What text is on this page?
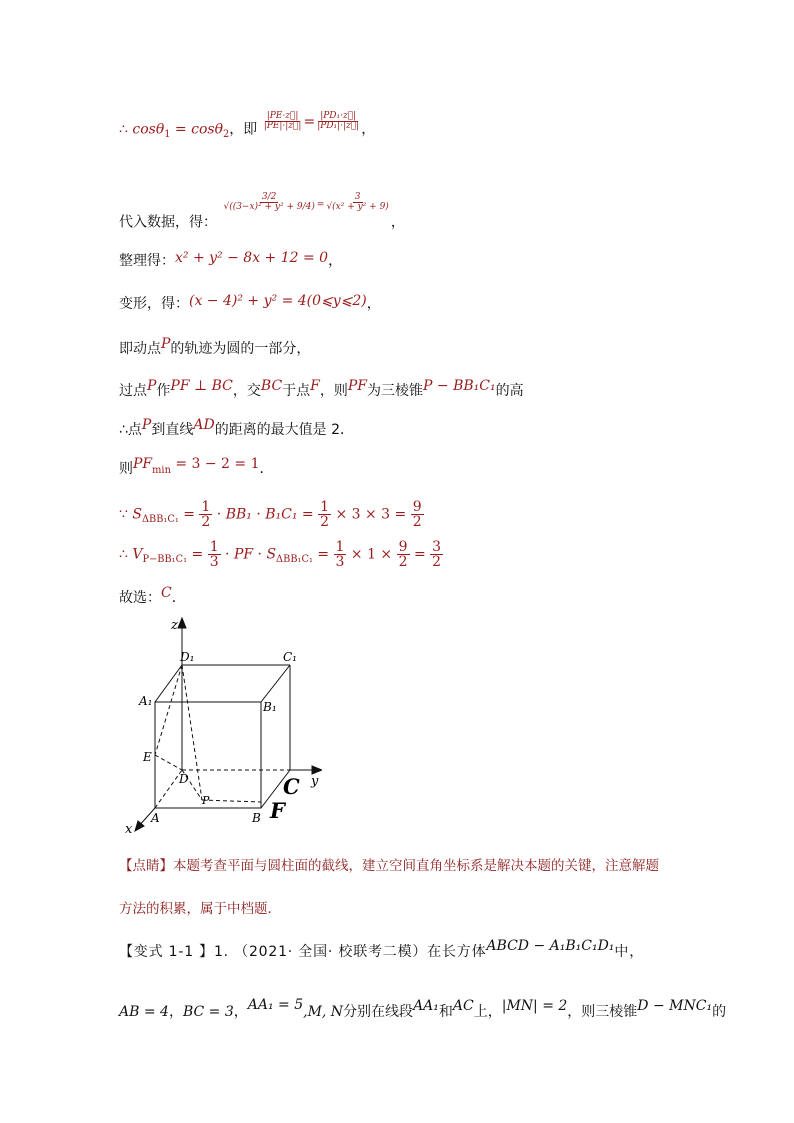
∴ cosθ$_1$ = cosθ$_2$，即 $\frac{|PE\cdot z⃗|}{|PE|\cdot|z⃗|} = \frac{\text{|PD₁·z⃗|}}{\text{|PD₁|·|z⃗|}}$ ，
代入数据，得：
$\frac{3/2}{\text{√((3−x)² + y² + 9/4)}} ^= \frac{3}{\text{√(x² + y² + 9)}}$
，
整理得：x² + y² − 8x + 12 = 0，
变形，得：(x − 4)² + y² = 4(0⩽y⩽2)，
即动点P的轨迹为圆的一部分，
过点P作PF ⊥ BC，交BC于点F，则PF为三棱锥P − BB₁C₁的高
∴点P到直线AD的距离的最大值是 2．
则$PF_{min} = 3 - 2 = 1$．
∵ $S_{\Delta BB_1C_1} = \frac{1}{2} \cdot BB_1 \cdot B_1C_1 = \frac{1}{2} \times 3 \times 3 = \frac{9}{2}$
∴ $V_{P-BB_1C_1} = \frac{1}{3}$ · PF · $S_{\Delta BB_1C_1} = \frac{1}{3} \times 1 \times \frac{9}{2} = \frac{3}{2}$
故选：C．
z
y
x
D₁	C₁
A₁	B₁
E
D
P
A	B
C
F
【点睛】本题考查平面与圆柱面的截线，建立空间直角坐标系是解决本题的关键，注意解题
方法的积累，属于中档题．
【变式 1-1 】1. （2021· 全国· 校联考二模）在长方体ABCD − A₁B₁C₁D₁中，
AB = 4，BC = 3，AA₁ = 5,M, N分别在线段AA₁和AC上，|MN| = 2，则三棱锥D − MNC₁的
